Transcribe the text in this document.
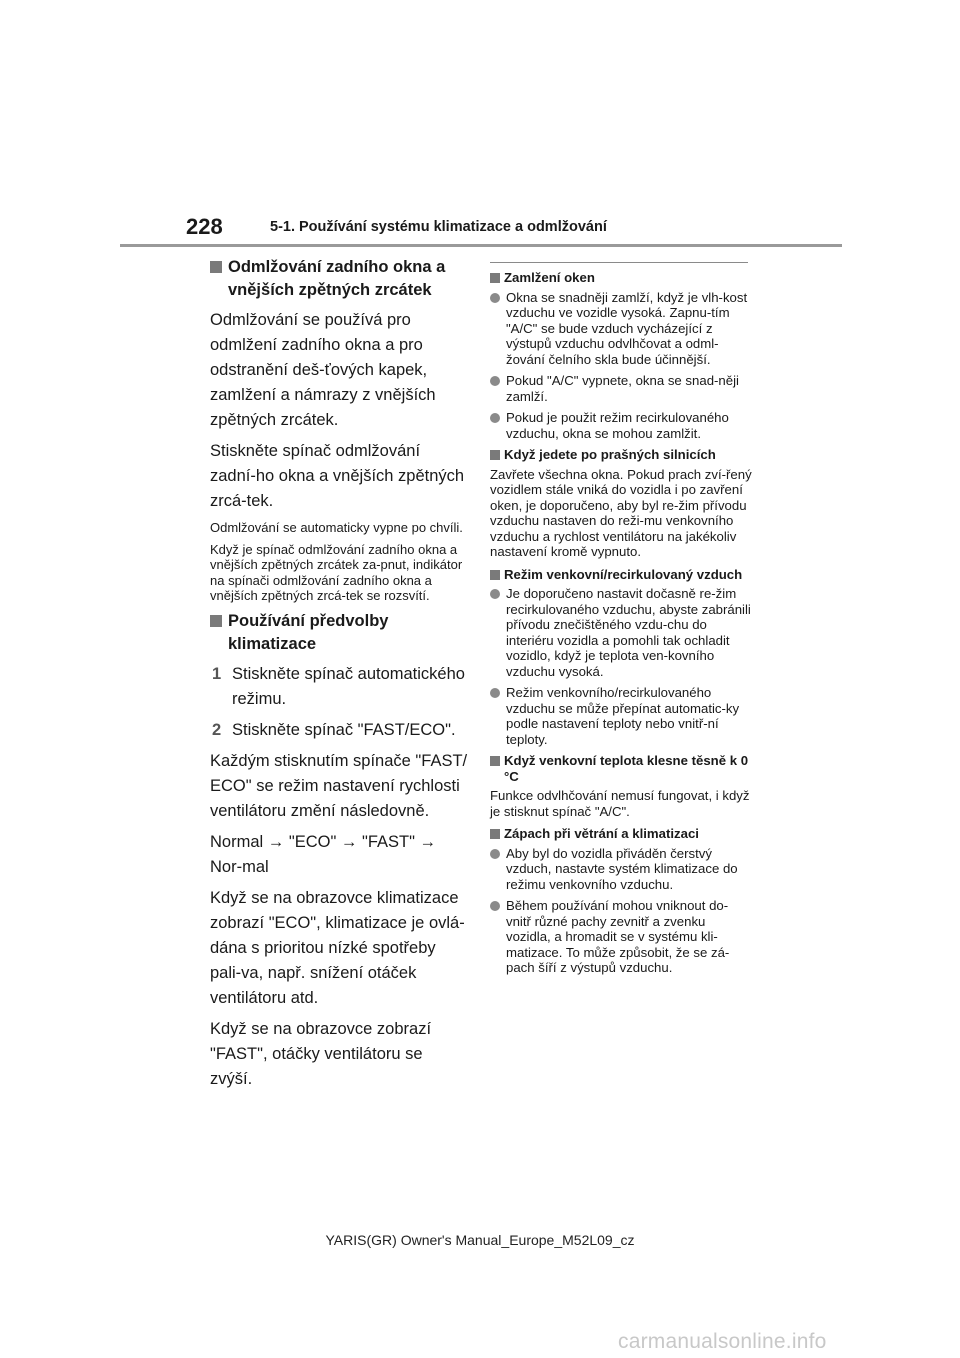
228	5-1. Používání systému klimatizace a odmlžování
Odmlžování zadního okna a vnějších zpětných zrcátek

Odmlžování se používá pro odmlžení zadního okna a pro odstranění deš-ťových kapek, zamlžení a námrazy z vnějších zpětných zrcátek.

Stiskněte spínač odmlžování zadní-ho okna a vnějších zpětných zrcá-tek.

Odmlžování se automaticky vypne po chvíli.

Když je spínač odmlžování zadního okna a vnějších zpětných zrcátek za-pnut, indikátor na spínači odmlžování zadního okna a vnějších zpětných zrcá-tek se rozsvítí.

Používání předvolby klimatizace
1 Stiskněte spínač automatického režimu.
2 Stiskněte spínač "FAST/ECO".

Každým stisknutím spínače "FAST/ ECO" se režim nastavení rychlosti ventilátoru změní následovně.

Normal → "ECO" → "FAST" → Nor-mal

Když se na obrazovce klimatizace zobrazí "ECO", klimatizace je ovlá-dána s prioritou nízké spotřeby pali-va, např. snížení otáček ventilátoru atd.

Když se na obrazovce zobrazí "FAST", otáčky ventilátoru se zvýší.

Zamlžení oken
Okna se snadněji zamlží, když je vlh-kost vzduchu ve vozidle vysoká. Zapnu-tím "A/C" se bude vzduch vycházející z výstupů vzduchu odvlhčovat a odml-žování čelního skla bude účinnější.
Pokud "A/C" vypnete, okna se snad-něji zamlží.
Pokud je použit režim recirkulovaného vzduchu, okna se mohou zamlžit.
Když jedete po prašných silnicích

Zavřete všechna okna. Pokud prach zví-řený vozidlem stále vniká do vozidla i po zavření oken, je doporučeno, aby byl re-žim přívodu vzduchu nastaven do reži-mu venkovního vzduchu a rychlost ventilátoru na jakékoliv nastavení kromě vypnuto.

Režim venkovní/recirkulovaný vzduch
Je doporučeno nastavit dočasně re-žim recirkulovaného vzduchu, abyste zabránili přívodu znečištěného vzdu-chu do interiéru vozidla a pomohli tak ochladit vozidlo, když je teplota ven-kovního vzduchu vysoká.
Režim venkovního/recirkulovaného vzduchu se může přepínat automatic-ky podle nastavení teploty nebo vnitř-ní teploty.
Když venkovní teplota klesne těsně k 0 °C

Funkce odvlhčování nemusí fungovat, i když je stisknut spínač "A/C".

Zápach při větrání a klimatizaci
Aby byl do vozidla přiváděn čerstvý vzduch, nastavte systém klimatizace do režimu venkovního vzduchu.
Během používání mohou vniknout do-vnitř různé pachy zevnitř a zvenku vozidla, a hromadit se v systému kli-matizace. To může způsobit, že se zá-pach šíří z výstupů vzduchu.
YARIS(GR) Owner's Manual_Europe_M52L09_cz
carmanualsonline.info
